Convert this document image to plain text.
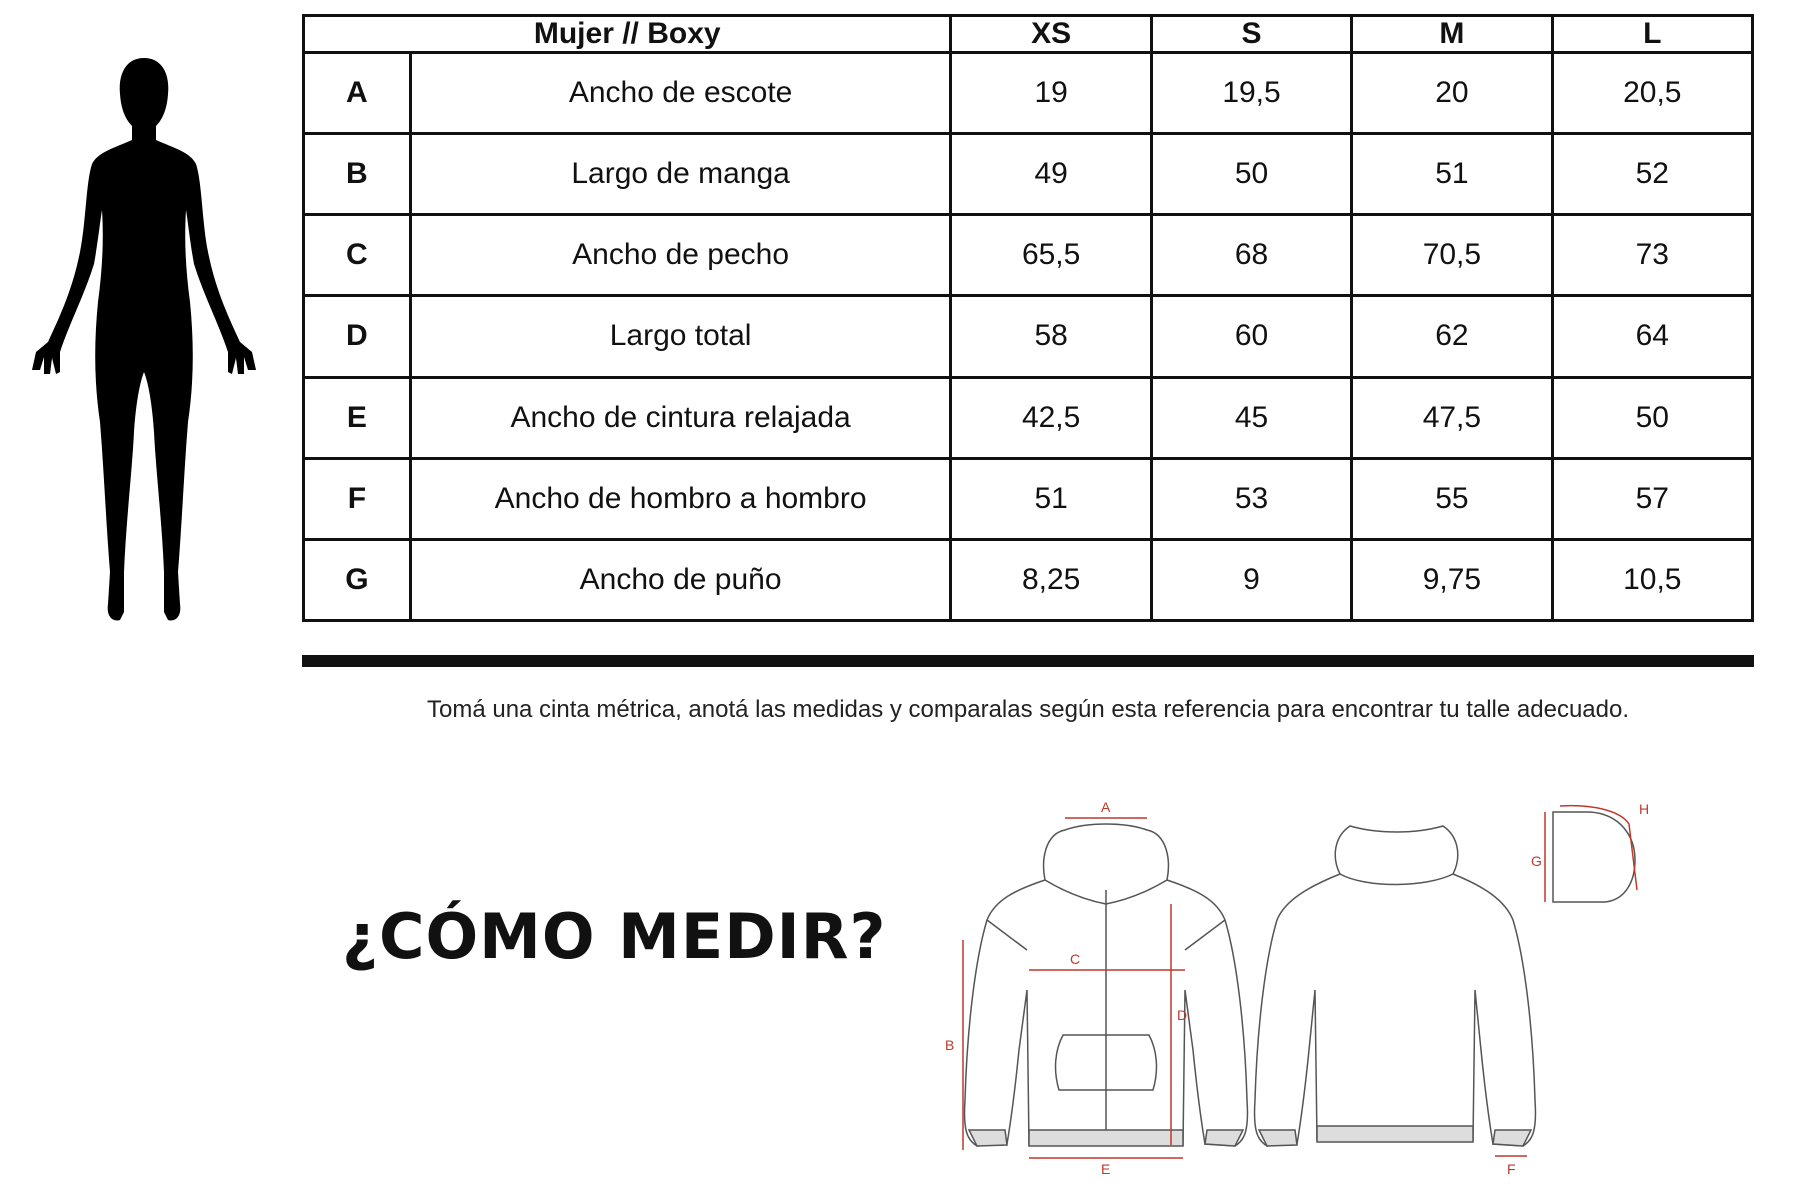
Mujer // Boxy		XS	S	M	L
A	Ancho de escote	19	19,5	20	20,5
B	Largo de manga	49	50	51	52
C	Ancho de pecho	65,5	68	70,5	73
D	Largo total	58	60	62	64
E	Ancho de cintura relajada	42,5	45	47,5	50
F	Ancho de hombro a hombro	51	53	55	57
G	Ancho de puño	8,25	9	9,75	10,5
Tomá una cinta métrica, anotá las medidas y comparalas según esta referencia para encontrar tu talle adecuado.
¿CÓMO MEDIR?
A
B
C
D
E	F
G
H
